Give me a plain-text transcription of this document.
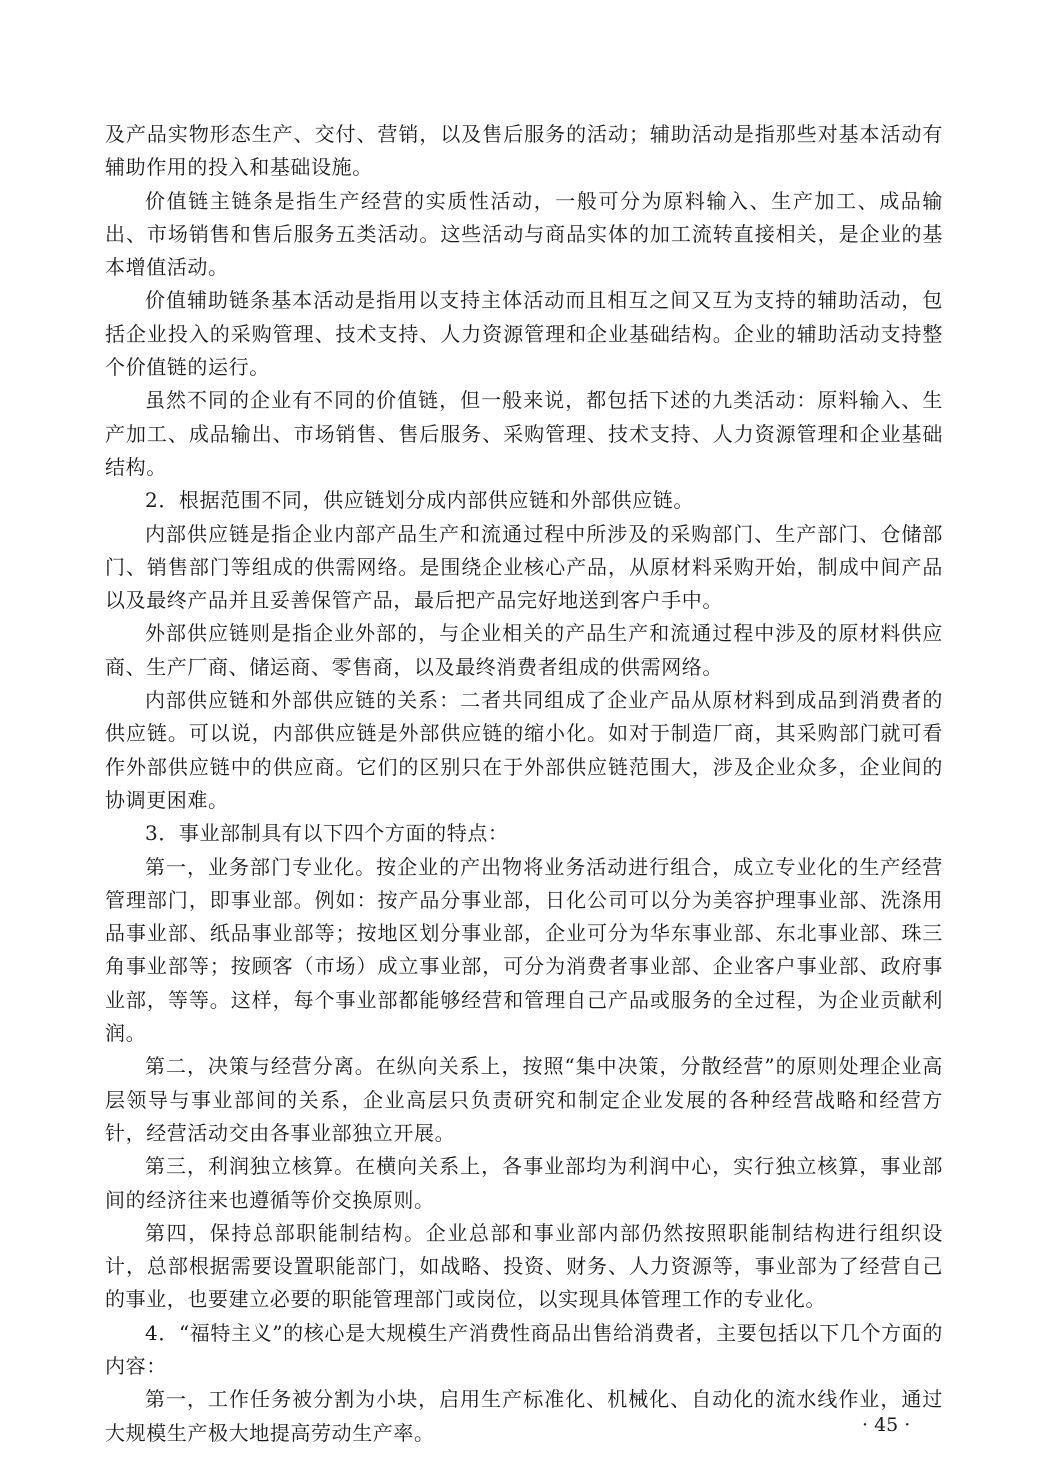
及产品实物形态生产、交付、营销，以及售后服务的活动；辅助活动是指那些对基本活动有辅助作用的投入和基础设施。

价值链主链条是指生产经营的实质性活动，一般可分为原料输入、生产加工、成品输出、市场销售和售后服务五类活动。这些活动与商品实体的加工流转直接相关，是企业的基本增值活动。

价值辅助链条基本活动是指用以支持主体活动而且相互之间又互为支持的辅助活动，包括企业投入的采购管理、技术支持、人力资源管理和企业基础结构。企业的辅助活动支持整个价值链的运行。

虽然不同的企业有不同的价值链，但一般来说，都包括下述的九类活动：原料输入、生产加工、成品输出、市场销售、售后服务、采购管理、技术支持、人力资源管理和企业基础结构。

2．根据范围不同，供应链划分成内部供应链和外部供应链。

内部供应链是指企业内部产品生产和流通过程中所涉及的采购部门、生产部门、仓储部门、销售部门等组成的供需网络。是围绕企业核心产品，从原材料采购开始，制成中间产品以及最终产品并且妥善保管产品，最后把产品完好地送到客户手中。

外部供应链则是指企业外部的，与企业相关的产品生产和流通过程中涉及的原材料供应商、生产厂商、储运商、零售商，以及最终消费者组成的供需网络。

内部供应链和外部供应链的关系：二者共同组成了企业产品从原材料到成品到消费者的供应链。可以说，内部供应链是外部供应链的缩小化。如对于制造厂商，其采购部门就可看作外部供应链中的供应商。它们的区别只在于外部供应链范围大，涉及企业众多，企业间的协调更困难。

3．事业部制具有以下四个方面的特点：

第一，业务部门专业化。按企业的产出物将业务活动进行组合，成立专业化的生产经营管理部门，即事业部。例如：按产品分事业部，日化公司可以分为美容护理事业部、洗涤用品事业部、纸品事业部等；按地区划分事业部，企业可分为华东事业部、东北事业部、珠三角事业部等；按顾客（市场）成立事业部，可分为消费者事业部、企业客户事业部、政府事业部，等等。这样，每个事业部都能够经营和管理自己产品或服务的全过程，为企业贡献利润。

第二，决策与经营分离。在纵向关系上，按照“集中决策，分散经营”的原则处理企业高层领导与事业部间的关系，企业高层只负责研究和制定企业发展的各种经营战略和经营方针，经营活动交由各事业部独立开展。

第三，利润独立核算。在横向关系上，各事业部均为利润中心，实行独立核算，事业部间的经济往来也遵循等价交换原则。

第四，保持总部职能制结构。企业总部和事业部内部仍然按照职能制结构进行组织设计，总部根据需要设置职能部门，如战略、投资、财务、人力资源等，事业部为了经营自己的事业，也要建立必要的职能管理部门或岗位，以实现具体管理工作的专业化。

4．“福特主义”的核心是大规模生产消费性商品出售给消费者，主要包括以下几个方面的内容：

第一，工作任务被分割为小块，启用生产标准化、机械化、自动化的流水线作业，通过大规模生产极大地提高劳动生产率。	· 45 ·
